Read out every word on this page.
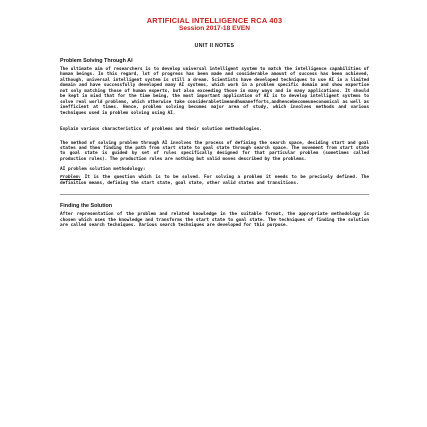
ARTIFICIAL INTELLIGENCE RCA 403
Session 2017-18 EVEN
UNIT II NOTES
Problem Solving Through AI

The ultimate aim of researchers is to develop universal intelligent system to match the intelligence capabilities of human beings. In this regard, lot of progress has been made and considerable amount of success has been achieved, although, universal intelligent system is still a dream. Scientists have developed techniques to use AI in a limited domain and have successfully developed many AI systems, which work in a problem specific domain and show expertise not only matching those of human experts, but also exceeding those in many ways and in many applications. It should be kept in mind that for the time being, the most important application of AI is to develop intelligent systems to solve real world problems, which otherwise take considerabletimeandhumanefforts,andhencebecomeuneconomical as well as inefficient at times. Hence, problem solving becomes major area of study, which involves methods and various techniques used in problem solving using AI.

Explain various characteristics of problems and their solution methodologies.

The method of solving problem through AI involves the process of defining the search space, deciding start and goal states and then finding the path from start state to goal state through search space. The movement from start state to goal state is guided by set of rules specifically designed for that particular problem (sometimes called production rules). The production rules are nothing but valid moves described by the problems.

AI problem solution methodology:

Problem: It is the question which is to be solved. For solving a problem it needs to be precisely defined. The definition means, defining the start state, goal state, other valid states and transitions.

Finding the Solution

After representation of the problem and related knowledge in the suitable format, the appropriate methodology is chosen which uses the knowledge and transforms the start state to goal state. The techniques of finding the solution are called search techniques. Various search techniques are developed for this purpose.
